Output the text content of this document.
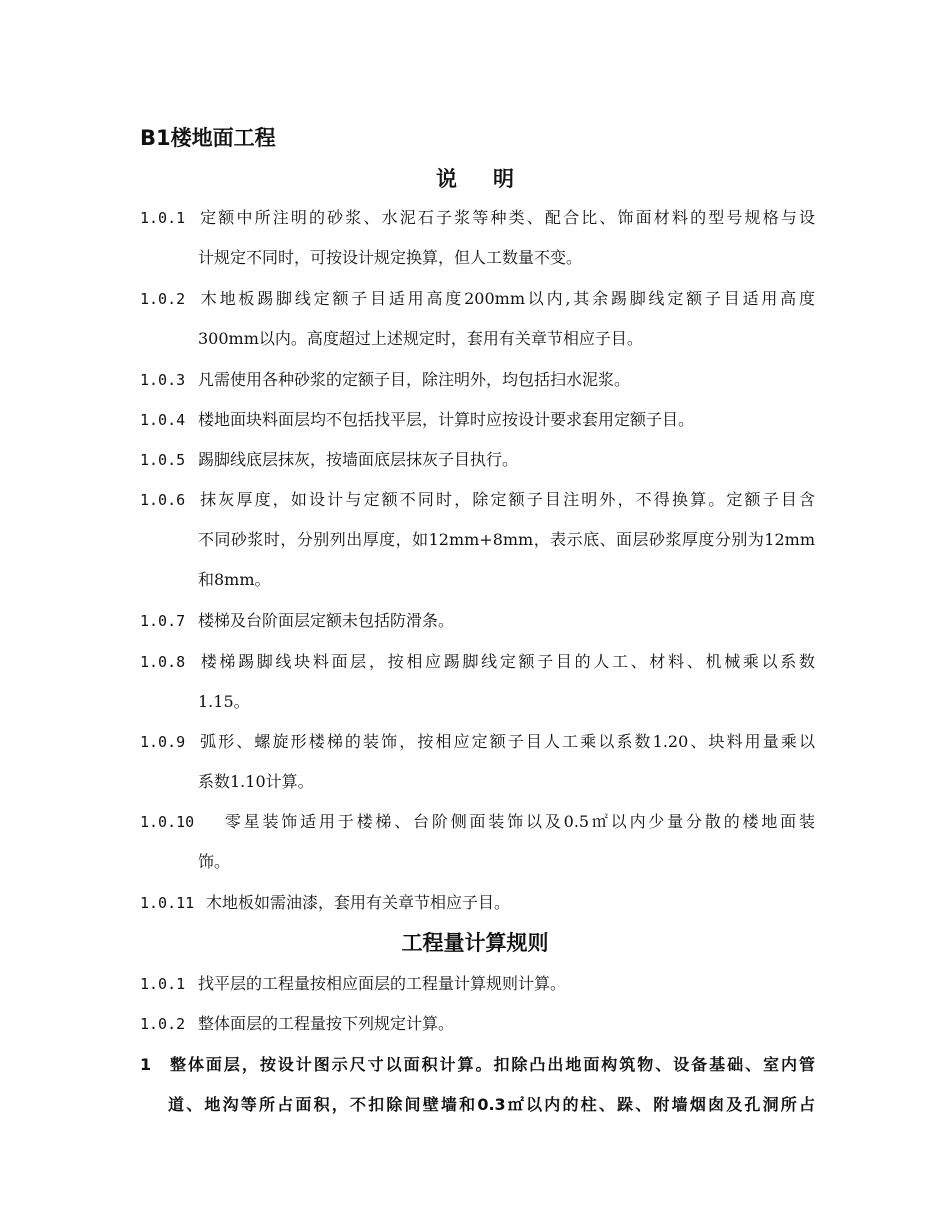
B1楼地面工程
说明
1.0.1 定额中所注明的砂浆、水泥石子浆等种类、配合比、饰面材料的型号规格与设
计规定不同时，可按设计规定换算，但人工数量不变。
1.0.2 木地板踢脚线定额子目适用高度200mm以内,其余踢脚线定额子目适用高度
300mm以内。高度超过上述规定时，套用有关章节相应子目。
1.0.3 凡需使用各种砂浆的定额子目，除注明外，均包括扫水泥浆。
1.0.4 楼地面块料面层均不包括找平层，计算时应按设计要求套用定额子目。
1.0.5 踢脚线底层抹灰，按墙面底层抹灰子目执行。
1.0.6 抹灰厚度，如设计与定额不同时，除定额子目注明外，不得换算。定额子目含
不同砂浆时，分别列出厚度，如12mm+8mm，表示底、面层砂浆厚度分别为12mm
和8mm。
1.0.7 楼梯及台阶面层定额未包括防滑条。
1.0.8 楼梯踢脚线块料面层，按相应踢脚线定额子目的人工、材料、机械乘以系数
1.15。
1.0.9 弧形、螺旋形楼梯的装饰，按相应定额子目人工乘以系数1.20、块料用量乘以
系数1.10计算。
1.0.10 零星装饰适用于楼梯、台阶侧面装饰以及0.5㎡以内少量分散的楼地面装
饰。
1.0.11 木地板如需油漆，套用有关章节相应子目。
工程量计算规则
1.0.1 找平层的工程量按相应面层的工程量计算规则计算。
1.0.2 整体面层的工程量按下列规定计算。
1 整体面层，按设计图示尺寸以面积计算。扣除凸出地面构筑物、设备基础、室内管
道、地沟等所占面积，不扣除间壁墙和0.3㎡以内的柱、跺、附墙烟囱及孔洞所占
